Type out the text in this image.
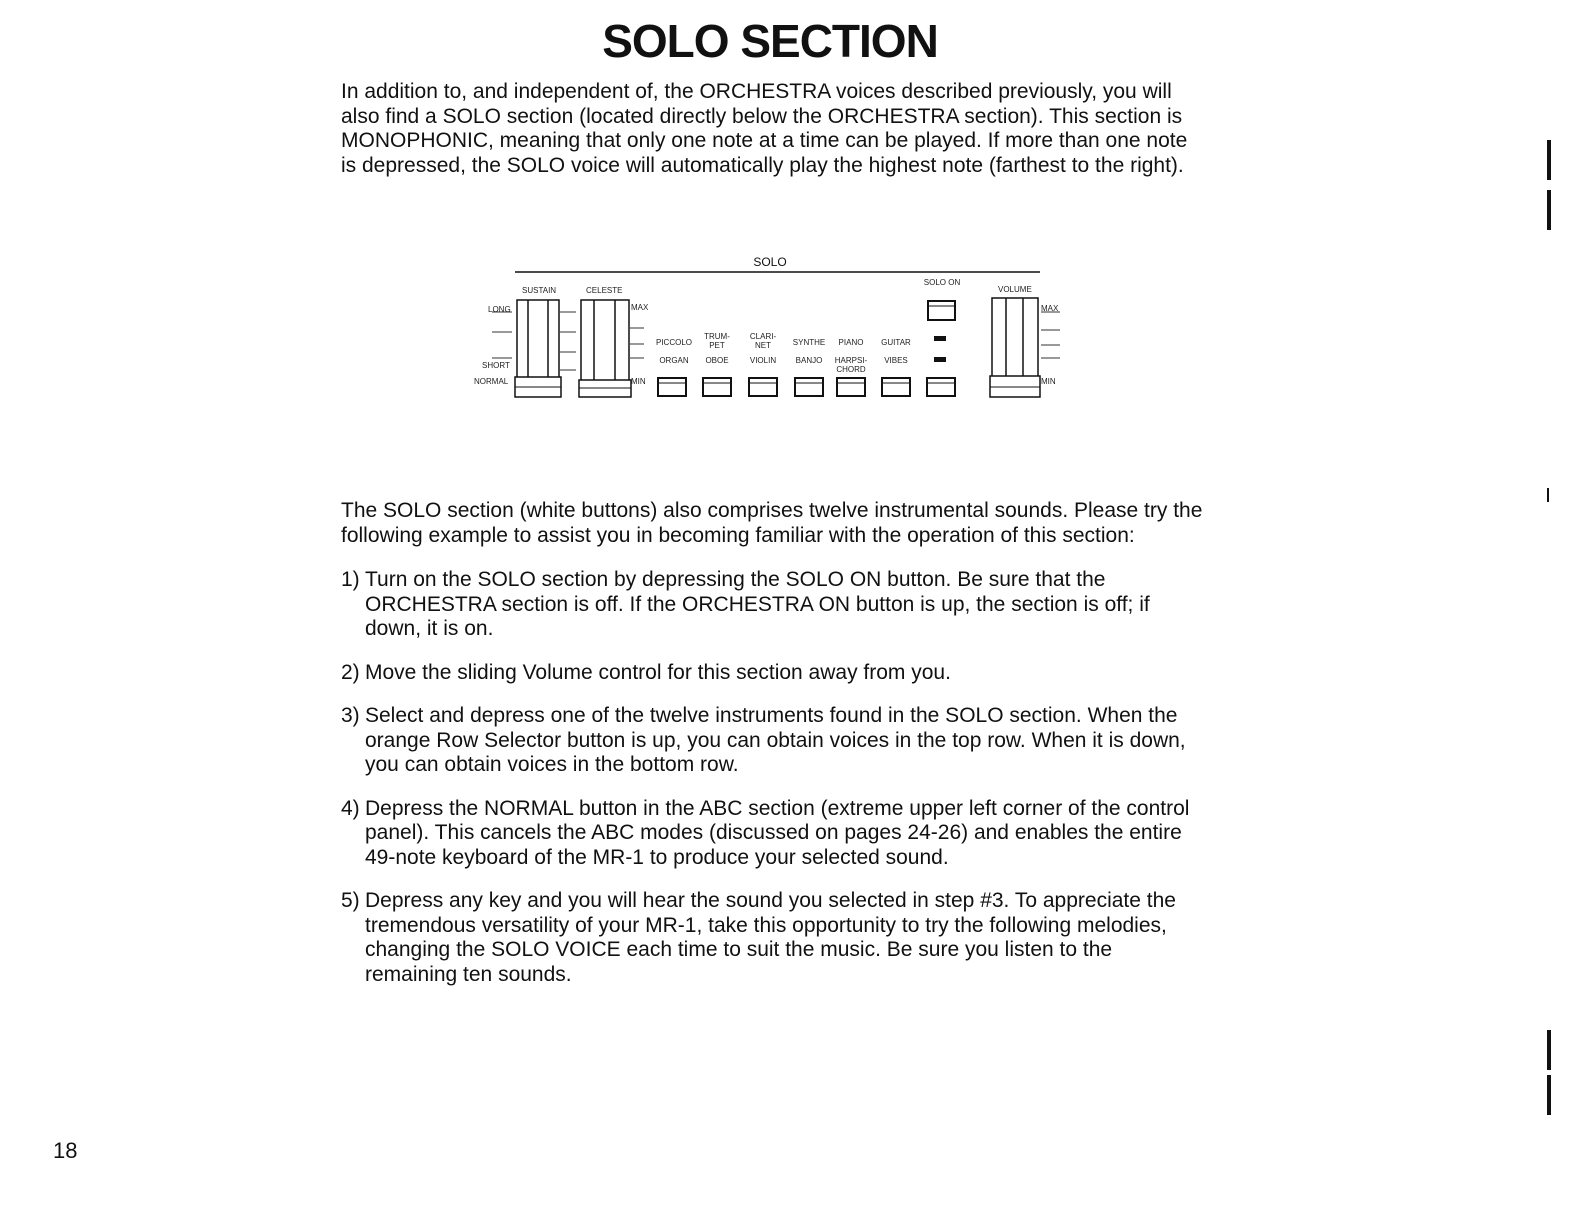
SOLO SECTION

In addition to, and independent of, the ORCHESTRA voices described previously, you will also find a SOLO section (located directly below the ORCHESTRA section). This section is MONOPHONIC, meaning that only one note at a time can be played. If more than one note is depressed, the SOLO voice will automatically play the highest note (farthest to the right).

SOLO
SUSTAIN	CELESTE
SOLO ON
VOLUME
LONG
SHORT
NORMAL
MAX
MIN
MAX
MIN
PICCOLO
ORGAN
TRUM-PET
OBOE
CLARI-NET
VIOLIN
SYNTHE
BANJO
PIANO
HARPSI-CHORD
GUITAR
VIBES

The SOLO section (white buttons) also comprises twelve instrumental sounds. Please try the following example to assist you in becoming familiar with the operation of this section:

1) Turn on the SOLO section by depressing the SOLO ON button. Be sure that the ORCHESTRA section is off. If the ORCHESTRA ON button is up, the section is off; if down, it is on.
2) Move the sliding Volume control for this section away from you.
3) Select and depress one of the twelve instruments found in the SOLO section. When the orange Row Selector button is up, you can obtain voices in the top row. When it is down, you can obtain voices in the bottom row.
4) Depress the NORMAL button in the ABC section (extreme upper left corner of the control panel). This cancels the ABC modes (discussed on pages 24-26) and enables the entire 49-note keyboard of the MR-1 to produce your selected sound.
5) Depress any key and you will hear the sound you selected in step #3. To appreciate the tremendous versatility of your MR-1, take this opportunity to try the following melodies, changing the SOLO VOICE each time to suit the music. Be sure you listen to the remaining ten sounds.
18
